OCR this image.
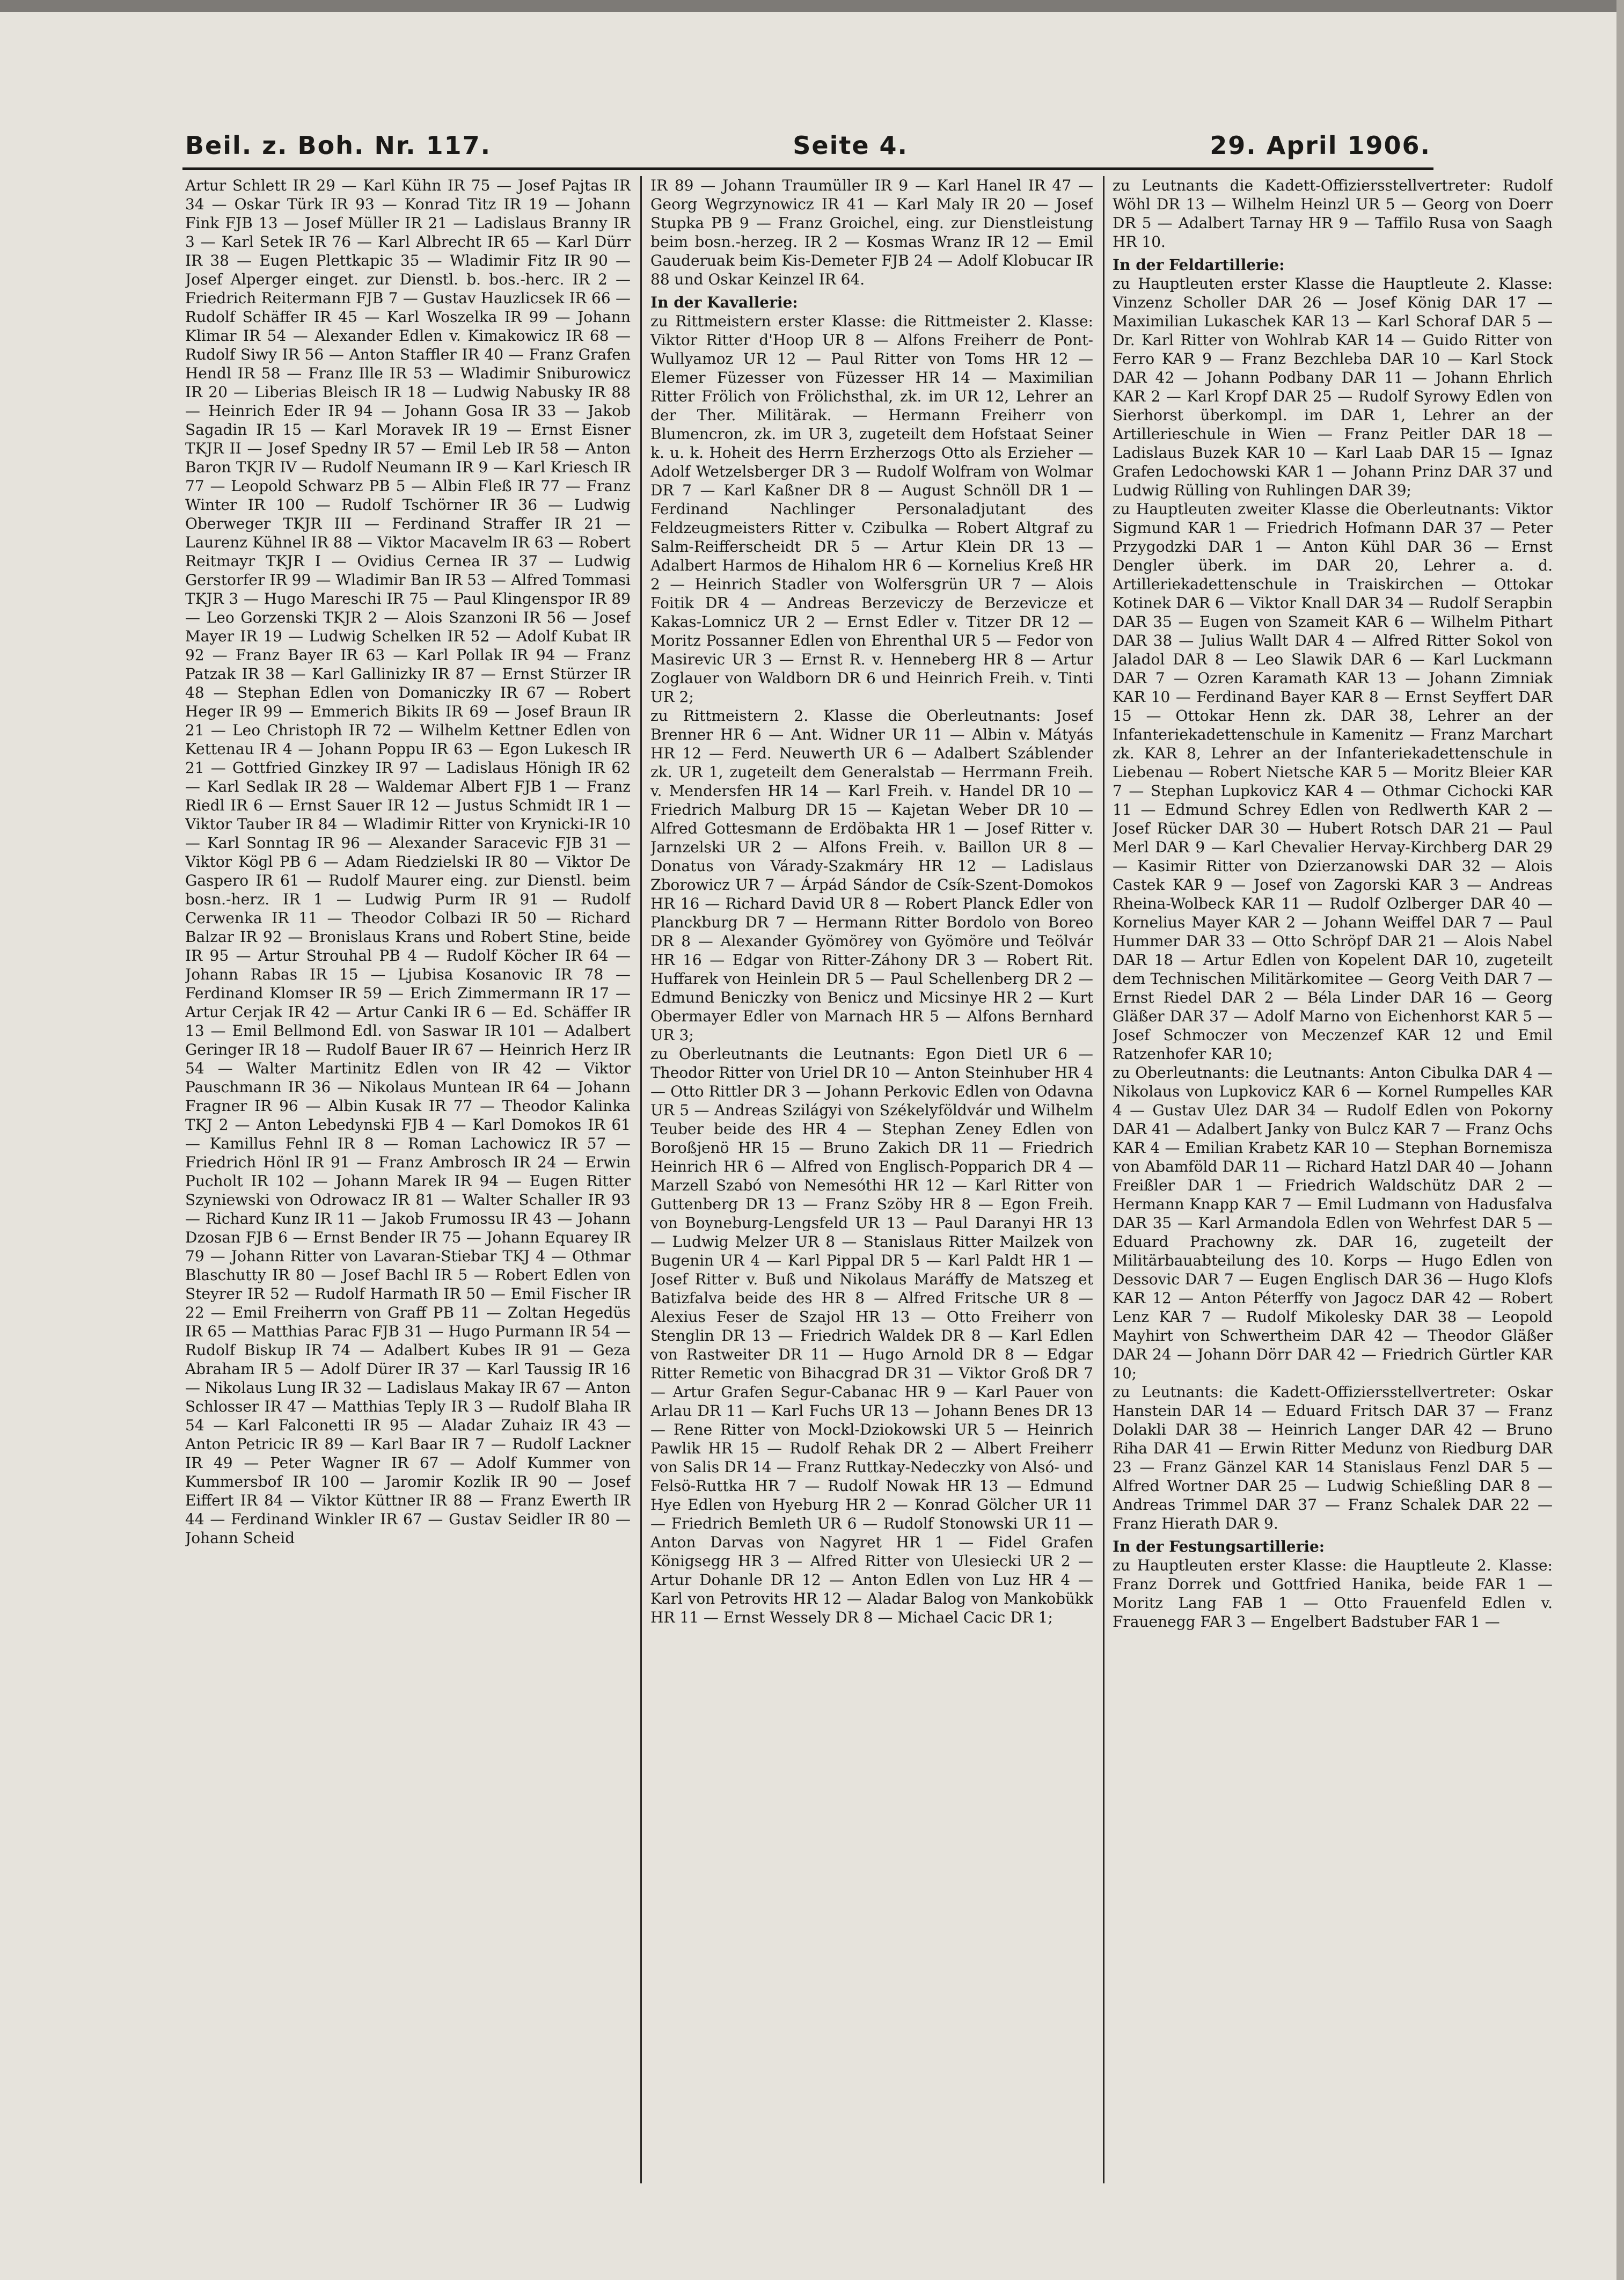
Beil. z. Boh. Nr. 117.	Seite 4.	29. April 1906.

Artur Schlett IR 29 — Karl Kühn IR 75 — Josef Pajtas IR 34 — Oskar Türk IR 93 — Konrad Titz IR 19 — Johann Fink FJB 13 — Josef Müller IR 21 — Ladislaus Branny IR 3 — Karl Setek IR 76 — Karl Albrecht IR 65 — Karl Dürr IR 38 — Eugen Plettkapic 35 — Wladimir Fitz IR 90 — Josef Alperger einget. zur Dienstl. b. bos.-herc. IR 2 — Friedrich Reitermann FJB 7 — Gustav Hauzlicsek IR 66 — Rudolf Schäffer IR 45 — Karl Woszelka IR 99 — Johann Klimar IR 54 — Alexander Edlen v. Kimakowicz IR 68 — Rudolf Siwy IR 56 — Anton Staffler IR 40 — Franz Grafen Hendl IR 58 — Franz Ille IR 53 — Wladimir Sniburowicz IR 20 — Liberias Bleisch IR 18 — Ludwig Nabusky IR 88 — Heinrich Eder IR 94 — Johann Gosa IR 33 — Jakob Sagadin IR 15 — Karl Moravek IR 19 — Ernst Eisner TKJR II — Josef Spedny IR 57 — Emil Leb IR 58 — Anton Baron TKJR IV — Rudolf Neumann IR 9 — Karl Kriesch IR 77 — Leopold Schwarz PB 5 — Albin Fleß IR 77 — Franz Winter IR 100 — Rudolf Tschörner IR 36 — Ludwig Oberweger TKJR III — Ferdinand Straffer IR 21 — Laurenz Kühnel IR 88 — Viktor Macavelm IR 63 — Robert Reitmayr TKJR I — Ovidius Cernea IR 37 — Ludwig Gerstorfer IR 99 — Wladimir Ban IR 53 — Alfred Tommasi TKJR 3 — Hugo Mareschi IR 75 — Paul Klingenspor IR 89 — Leo Gorzenski TKJR 2 — Alois Szanzoni IR 56 — Josef Mayer IR 19 — Ludwig Schelken IR 52 — Adolf Kubat IR 92 — Franz Bayer IR 63 — Karl Pollak IR 94 — Franz Patzak IR 38 — Karl Gallinizky IR 87 — Ernst Stürzer IR 48 — Stephan Edlen von Domaniczky IR 67 — Robert Heger IR 99 — Emmerich Bikits IR 69 — Josef Braun IR 21 — Leo Christoph IR 72 — Wilhelm Kettner Edlen von Kettenau IR 4 — Johann Poppu IR 63 — Egon Lukesch IR 21 — Gottfried Ginzkey IR 97 — Ladislaus Hönigh IR 62 — Karl Sedlak IR 28 — Waldemar Albert FJB 1 — Franz Riedl IR 6 — Ernst Sauer IR 12 — Justus Schmidt IR 1 — Viktor Tauber IR 84 — Wladimir Ritter von Krynicki-IR 10 — Karl Sonntag IR 96 — Alexander Saracevic FJB 31 — Viktor Kögl PB 6 — Adam Riedzielski IR 80 — Viktor De Gaspero IR 61 — Rudolf Maurer eing. zur Dienstl. beim bosn.-herz. IR 1 — Ludwig Purm IR 91 — Rudolf Cerwenka IR 11 — Theodor Colbazi IR 50 — Richard Balzar IR 92 — Bronislaus Krans und Robert Stine, beide IR 95 — Artur Strouhal PB 4 — Rudolf Köcher IR 64 — Johann Rabas IR 15 — Ljubisa Kosanovic IR 78 — Ferdinand Klomser IR 59 — Erich Zimmermann IR 17 — Artur Cerjak IR 42 — Artur Canki IR 6 — Ed. Schäffer IR 13 — Emil Bellmond Edl. von Saswar IR 101 — Adalbert Geringer IR 18 — Rudolf Bauer IR 67 — Heinrich Herz IR 54 — Walter Martinitz Edlen von IR 42 — Viktor Pauschmann IR 36 — Nikolaus Muntean IR 64 — Johann Fragner IR 96 — Albin Kusak IR 77 — Theodor Kalinka TKJ 2 — Anton Lebedynski FJB 4 — Karl Domokos IR 61 — Kamillus Fehnl IR 8 — Roman Lachowicz IR 57 — Friedrich Hönl IR 91 — Franz Ambrosch IR 24 — Erwin Pucholt IR 102 — Johann Marek IR 94 — Eugen Ritter Szyniewski von Odrowacz IR 81 — Walter Schaller IR 93 — Richard Kunz IR 11 — Jakob Frumossu IR 43 — Johann Dzosan FJB 6 — Ernst Bender IR 75 — Johann Equarey IR 79 — Johann Ritter von Lavaran-Stiebar TKJ 4 — Othmar Blaschutty IR 80 — Josef Bachl IR 5 — Robert Edlen von Steyrer IR 52 — Rudolf Harmath IR 50 — Emil Fischer IR 22 — Emil Freiherrn von Graff PB 11 — Zoltan Hegedüs IR 65 — Matthias Parac FJB 31 — Hugo Purmann IR 54 — Rudolf Biskup IR 74 — Adalbert Kubes IR 91 — Geza Abraham IR 5 — Adolf Dürer IR 37 — Karl Taussig IR 16 — Nikolaus Lung IR 32 — Ladislaus Makay IR 67 — Anton Schlosser IR 47 — Matthias Teply IR 3 — Rudolf Blaha IR 54 — Karl Falconetti IR 95 — Aladar Zuhaiz IR 43 — Anton Petricic IR 89 — Karl Baar IR 7 — Rudolf Lackner IR 49 — Peter Wagner IR 67 — Adolf Kummer von Kummersbof IR 100 — Jaromir Kozlik IR 90 — Josef Eiffert IR 84 — Viktor Küttner IR 88 — Franz Ewerth IR 44 — Ferdinand Winkler IR 67 — Gustav Seidler IR 80 — Johann Scheid

IR 89 — Johann Traumüller IR 9 — Karl Hanel IR 47 — Georg Wegrzynowicz IR 41 — Karl Maly IR 20 — Josef Stupka PB 9 — Franz Groichel, eing. zur Dienstleistung beim bosn.-herzeg. IR 2 — Kosmas Wranz IR 12 — Emil Gauderuak beim Kis-Demeter FJB 24 — Adolf Klobucar IR 88 und Oskar Keinzel IR 64.

In der Kavallerie:

zu Rittmeistern erster Klasse: die Rittmeister 2. Klasse: Viktor Ritter d'Hoop UR 8 — Alfons Freiherr de Pont-Wullyamoz UR 12 — Paul Ritter von Toms HR 12 — Elemer Füzesser von Füzesser HR 14 — Maximilian Ritter Frölich von Frölichsthal, zk. im UR 12, Lehrer an der Ther. Militärak. — Hermann Freiherr von Blumencron, zk. im UR 3, zugeteilt dem Hofstaat Seiner k. u. k. Hoheit des Herrn Erzherzogs Otto als Erzieher — Adolf Wetzelsberger DR 3 — Rudolf Wolfram von Wolmar DR 7 — Karl Kaßner DR 8 — August Schnöll DR 1 — Ferdinand Nachlinger Personaladjutant des Feldzeugmeisters Ritter v. Czibulka — Robert Altgraf zu Salm-Reifferscheidt DR 5 — Artur Klein DR 13 — Adalbert Harmos de Hihalom HR 6 — Kornelius Kreß HR 2 — Heinrich Stadler von Wolfersgrün UR 7 — Alois Foitik DR 4 — Andreas Berzeviczy de Berzevicze et Kakas-Lomnicz UR 2 — Ernst Edler v. Titzer DR 12 — Moritz Possanner Edlen von Ehrenthal UR 5 — Fedor von Masirevic UR 3 — Ernst R. v. Henneberg HR 8 — Artur Zoglauer von Waldborn DR 6 und Heinrich Freih. v. Tinti UR 2;

zu Rittmeistern 2. Klasse die Oberleutnants: Josef Brenner HR 6 — Ant. Widner UR 11 — Albin v. Mátyás HR 12 — Ferd. Neuwerth UR 6 — Adalbert Száblender zk. UR 1, zugeteilt dem Generalstab — Herrmann Freih. v. Mendersfen HR 14 — Karl Freih. v. Handel DR 10 — Friedrich Malburg DR 15 — Kajetan Weber DR 10 — Alfred Gottesmann de Erdöbakta HR 1 — Josef Ritter v. Jarnzelski UR 2 — Alfons Freih. v. Baillon UR 8 — Donatus von Várady-Szakmáry HR 12 — Ladislaus Zborowicz UR 7 — Árpád Sándor de Csík-Szent-Domokos HR 16 — Richard David UR 8 — Robert Planck Edler von Planckburg DR 7 — Hermann Ritter Bordolo von Boreo DR 8 — Alexander Gyömörey von Gyömöre und Teölvár HR 16 — Edgar von Ritter-Záhony DR 3 — Robert Rit. Huffarek von Heinlein DR 5 — Paul Schellenberg DR 2 — Edmund Beniczky von Benicz und Micsinye HR 2 — Kurt Obermayer Edler von Marnach HR 5 — Alfons Bernhard UR 3;

zu Oberleutnants die Leutnants: Egon Dietl UR 6 — Theodor Ritter von Uriel DR 10 — Anton Steinhuber HR 4 — Otto Rittler DR 3 — Johann Perkovic Edlen von Odavna UR 5 — Andreas Szilágyi von Székelyföldvár und Wilhelm Teuber beide des HR 4 — Stephan Zeney Edlen von Boroßjenö HR 15 — Bruno Zakich DR 11 — Friedrich Heinrich HR 6 — Alfred von Englisch-Popparich DR 4 — Marzell Szabó von Nemesóthi HR 12 — Karl Ritter von Guttenberg DR 13 — Franz Szöby HR 8 — Egon Freih. von Boyneburg-Lengsfeld UR 13 — Paul Daranyi HR 13 — Ludwig Melzer UR 8 — Stanislaus Ritter Mailzek von Bugenin UR 4 — Karl Pippal DR 5 — Karl Paldt HR 1 — Josef Ritter v. Buß und Nikolaus Maráffy de Matszeg et Batizfalva beide des HR 8 — Alfred Fritsche UR 8 — Alexius Feser de Szajol HR 13 — Otto Freiherr von Stenglin DR 13 — Friedrich Waldek DR 8 — Karl Edlen von Rastweiter DR 11 — Hugo Arnold DR 8 — Edgar Ritter Remetic von Bihacgrad DR 31 — Viktor Groß DR 7 — Artur Grafen Segur-Cabanac HR 9 — Karl Pauer von Arlau DR 11 — Karl Fuchs UR 13 — Johann Benes DR 13 — Rene Ritter von Mockl-Dziokowski UR 5 — Heinrich Pawlik HR 15 — Rudolf Rehak DR 2 — Albert Freiherr von Salis DR 14 — Franz Ruttkay-Nedeczky von Alsó- und Felsö-Ruttka HR 7 — Rudolf Nowak HR 13 — Edmund Hye Edlen von Hyeburg HR 2 — Konrad Gölcher UR 11 — Friedrich Bemleth UR 6 — Rudolf Stonowski UR 11 — Anton Darvas von Nagyret HR 1 — Fidel Grafen Königsegg HR 3 — Alfred Ritter von Ulesiecki UR 2 — Artur Dohanle DR 12 — Anton Edlen von Luz HR 4 — Karl von Petrovits HR 12 — Aladar Balog von Mankobükk HR 11 — Ernst Wessely DR 8 — Michael Cacic DR 1;

zu Leutnants die Kadett-Offiziersstellvertreter: Rudolf Wöhl DR 13 — Wilhelm Heinzl UR 5 — Georg von Doerr DR 5 — Adalbert Tarnay HR 9 — Taffilo Rusa von Saagh HR 10.

In der Feldartillerie:

zu Hauptleuten erster Klasse die Hauptleute 2. Klasse: Vinzenz Scholler DAR 26 — Josef König DAR 17 — Maximilian Lukaschek KAR 13 — Karl Schoraf DAR 5 — Dr. Karl Ritter von Wohlrab KAR 14 — Guido Ritter von Ferro KAR 9 — Franz Bezchleba DAR 10 — Karl Stock DAR 42 — Johann Podbany DAR 11 — Johann Ehrlich KAR 2 — Karl Kropf DAR 25 — Rudolf Syrowy Edlen von Sierhorst überkompl. im DAR 1, Lehrer an der Artillerieschule in Wien — Franz Peitler DAR 18 — Ladislaus Buzek KAR 10 — Karl Laab DAR 15 — Ignaz Grafen Ledochowski KAR 1 — Johann Prinz DAR 37 und Ludwig Rülling von Ruhlingen DAR 39;

zu Hauptleuten zweiter Klasse die Oberleutnants: Viktor Sigmund KAR 1 — Friedrich Hofmann DAR 37 — Peter Przygodzki DAR 1 — Anton Kühl DAR 36 — Ernst Dengler überk. im DAR 20, Lehrer a. d. Artilleriekadettenschule in Traiskirchen — Ottokar Kotinek DAR 6 — Viktor Knall DAR 34 — Rudolf Serapbin DAR 35 — Eugen von Szameit KAR 6 — Wilhelm Pithart DAR 38 — Julius Wallt DAR 4 — Alfred Ritter Sokol von Jaladol DAR 8 — Leo Slawik DAR 6 — Karl Luckmann DAR 7 — Ozren Karamath KAR 13 — Johann Zimniak KAR 10 — Ferdinand Bayer KAR 8 — Ernst Seyffert DAR 15 — Ottokar Henn zk. DAR 38, Lehrer an der Infanteriekadettenschule in Kamenitz — Franz Marchart zk. KAR 8, Lehrer an der Infanteriekadettenschule in Liebenau — Robert Nietsche KAR 5 — Moritz Bleier KAR 7 — Stephan Lupkovicz KAR 4 — Othmar Cichocki KAR 11 — Edmund Schrey Edlen von Redlwerth KAR 2 — Josef Rücker DAR 30 — Hubert Rotsch DAR 21 — Paul Merl DAR 9 — Karl Chevalier Hervay-Kirchberg DAR 29 — Kasimir Ritter von Dzierzanowski DAR 32 — Alois Castek KAR 9 — Josef von Zagorski KAR 3 — Andreas Rheina-Wolbeck KAR 11 — Rudolf Ozlberger DAR 40 — Kornelius Mayer KAR 2 — Johann Weiffel DAR 7 — Paul Hummer DAR 33 — Otto Schröpf DAR 21 — Alois Nabel DAR 18 — Artur Edlen von Kopelent DAR 10, zugeteilt dem Technischen Militärkomitee — Georg Veith DAR 7 — Ernst Riedel DAR 2 — Béla Linder DAR 16 — Georg Gläßer DAR 37 — Adolf Marno von Eichenhorst KAR 5 — Josef Schmoczer von Meczenzef KAR 12 und Emil Ratzenhofer KAR 10;

zu Oberleutnants: die Leutnants: Anton Cibulka DAR 4 — Nikolaus von Lupkovicz KAR 6 — Kornel Rumpelles KAR 4 — Gustav Ulez DAR 34 — Rudolf Edlen von Pokorny DAR 41 — Adalbert Janky von Bulcz KAR 7 — Franz Ochs KAR 4 — Emilian Krabetz KAR 10 — Stephan Bornemisza von Abamföld DAR 11 — Richard Hatzl DAR 40 — Johann Freißler DAR 1 — Friedrich Waldschütz DAR 2 — Hermann Knapp KAR 7 — Emil Ludmann von Hadusfalva DAR 35 — Karl Armandola Edlen von Wehrfest DAR 5 — Eduard Prachowny zk. DAR 16, zugeteilt der Militärbauabteilung des 10. Korps — Hugo Edlen von Dessovic DAR 7 — Eugen Englisch DAR 36 — Hugo Klofs KAR 12 — Anton Péterffy von Jagocz DAR 42 — Robert Lenz KAR 7 — Rudolf Mikolesky DAR 38 — Leopold Mayhirt von Schwertheim DAR 42 — Theodor Gläßer DAR 24 — Johann Dörr DAR 42 — Friedrich Gürtler KAR 10;

zu Leutnants: die Kadett-Offiziersstellvertreter: Oskar Hanstein DAR 14 — Eduard Fritsch DAR 37 — Franz Dolakli DAR 38 — Heinrich Langer DAR 42 — Bruno Riha DAR 41 — Erwin Ritter Medunz von Riedburg DAR 23 — Franz Gänzel KAR 14 Stanislaus Fenzl DAR 5 — Alfred Wortner DAR 25 — Ludwig Schießling DAR 8 — Andreas Trimmel DAR 37 — Franz Schalek DAR 22 — Franz Hierath DAR 9.

In der Festungsartillerie:

zu Hauptleuten erster Klasse: die Hauptleute 2. Klasse: Franz Dorrek und Gottfried Hanika, beide FAR 1 — Moritz Lang FAB 1 — Otto Frauenfeld Edlen v. Frauenegg FAR 3 — Engelbert Badstuber FAR 1 —
